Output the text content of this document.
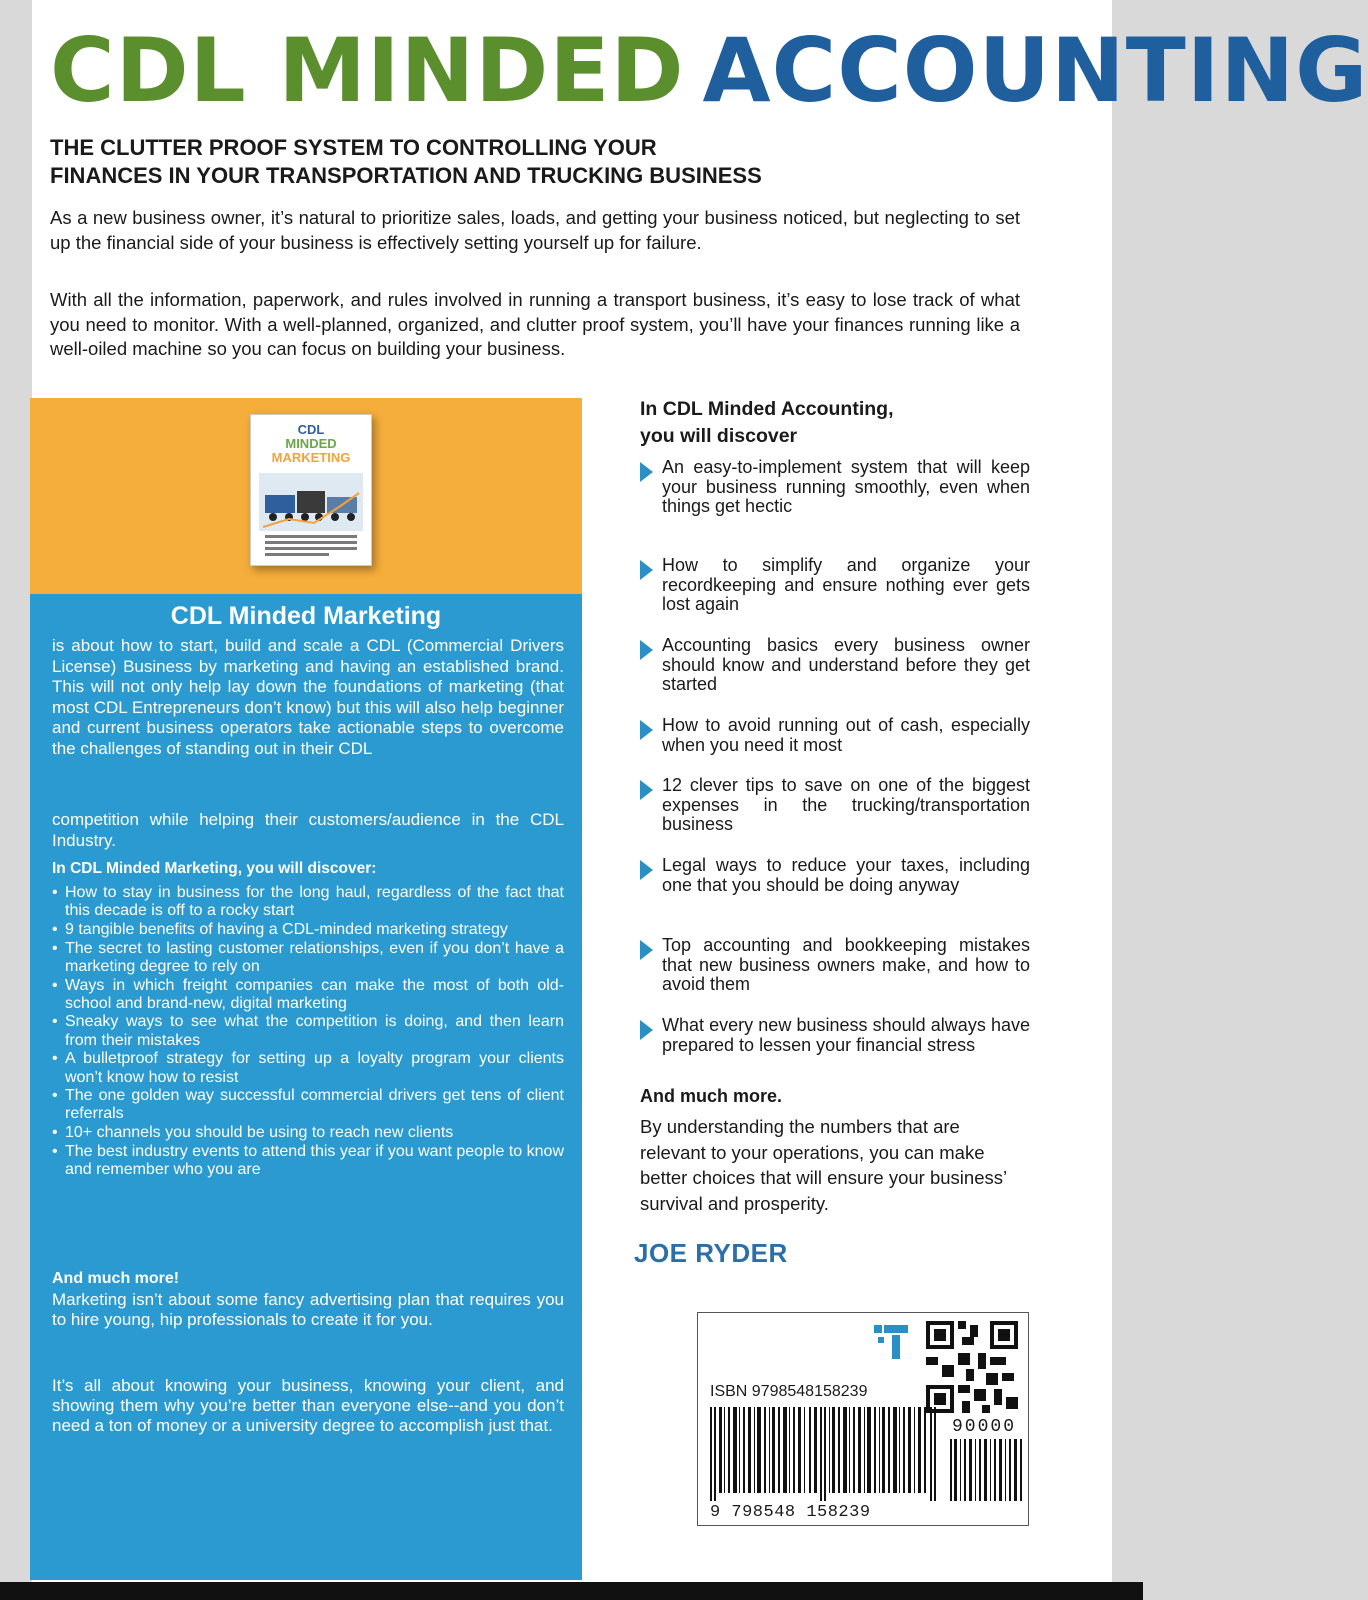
CDL MINDED ACCOUNTING
THE CLUTTER PROOF SYSTEM TO CONTROLLING YOUR
FINANCES IN YOUR TRANSPORTATION AND TRUCKING BUSINESS
As a new business owner, it’s natural to prioritize sales, loads, and getting your business noticed, but neglecting to set up the financial side of your business is effectively setting yourself up for failure.
With all the information, paperwork, and rules involved in running a transport business, it’s easy to lose track of what you need to monitor. With a well-planned, organized, and clutter proof system, you’ll have your finances running like a well-oiled machine so you can focus on building your business.
CDL
MINDED
MARKETING
CDL Minded Marketing
is about how to start, build and scale a CDL (Commercial Drivers License) Business by marketing and having an established brand. This will not only help lay down the foundations of marketing (that most CDL Entrepreneurs don’t know) but this will also help beginner and current business operators take actionable steps to overcome the challenges of standing out in their CDL
competition while helping their customers/audience in the CDL Industry.
In CDL Minded Marketing, you will discover:
• How to stay in business for the long haul, regardless of the fact that this decade is off to a rocky start
• 9 tangible benefits of having a CDL-minded marketing strategy
• The secret to lasting customer relationships, even if you don’t have a marketing degree to rely on
• Ways in which freight companies can make the most of both old-school and brand-new, digital marketing
• Sneaky ways to see what the competition is doing, and then learn from their mistakes
• A bulletproof strategy for setting up a loyalty program your clients won’t know how to resist
• The one golden way successful commercial drivers get tens of client referrals
• 10+ channels you should be using to reach new clients
• The best industry events to attend this year if you want people to know and remember who you are
And much more!
Marketing isn’t about some fancy advertising plan that requires you to hire young, hip professionals to create it for you.
It’s all about knowing your business, knowing your client, and showing them why you’re better than everyone else--and you don’t need a ton of money or a university degree to accomplish just that.
In CDL Minded Accounting,
you will discover
An easy-to-implement system that will keep your business running smoothly, even when things get hectic
How to simplify and organize your recordkeeping and ensure nothing ever gets lost again
Accounting basics every business owner should know and understand before they get started
How to avoid running out of cash, especially when you need it most
12 clever tips to save on one of the biggest expenses in the trucking/transportation business
Legal ways to reduce your taxes, including one that you should be doing anyway
Top accounting and bookkeeping mistakes that new business owners make, and how to avoid them
What every new business should always have prepared to lessen your financial stress
And much more.
By understanding the numbers that are relevant to your operations, you can make better choices that will ensure your business’ survival and prosperity.
JOE RYDER
ISBN 9798548158239
90000
9 798548 158239
